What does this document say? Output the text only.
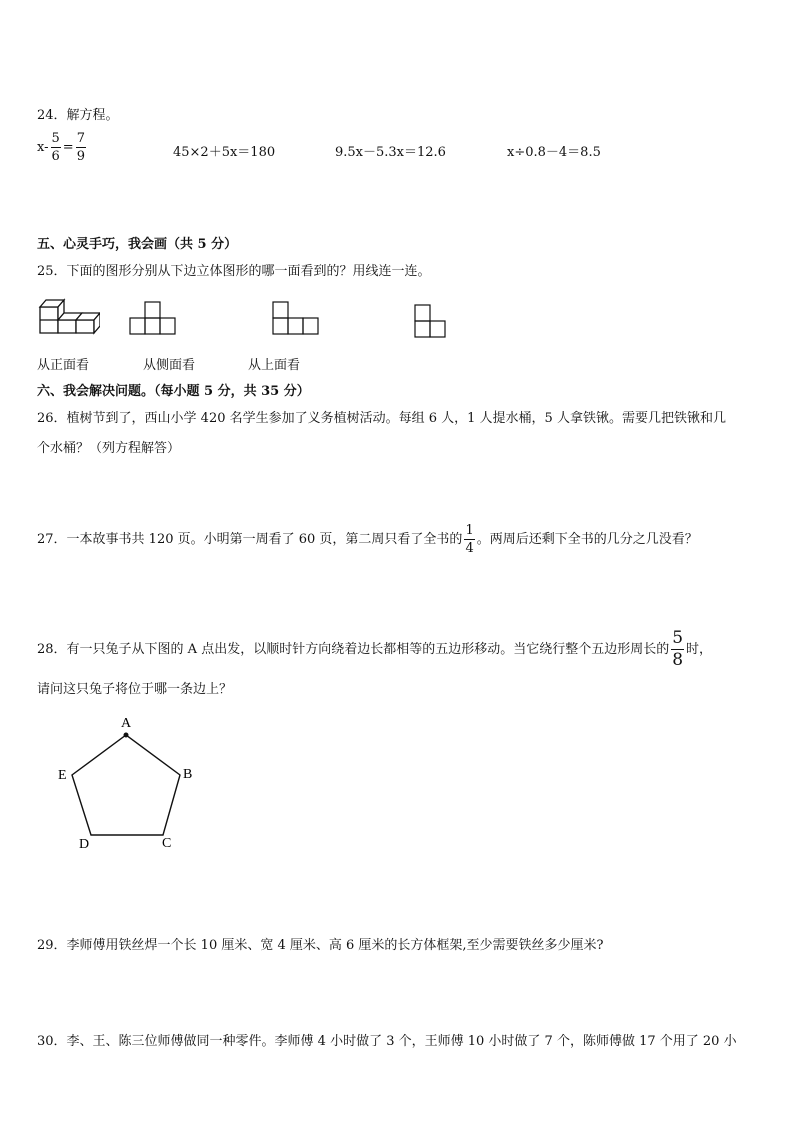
24．解方程。
$x- \frac{5}{6} = \frac{7}{9}$	45×2＋5x＝180	9.5x－5.3x＝12.6	x÷0.8－4＝8.5
五、心灵手巧，我会画（共 5 分）
25．下面的图形分别从下边立体图形的哪一面看到的？用线连一连。
从正面看	从侧面看	从上面看
六、我会解决问题。（每小题 5 分，共 35 分）
26．植树节到了，西山小学 420 名学生参加了义务植树活动。每组 6 人，1 人提水桶，5 人拿铁锹。需要几把铁锹和几
个水桶？（列方程解答）
27．一本故事书共 120 页。小明第一周看了 60 页，第二周只看了全书的 $\frac{1}{4}$ 。两周后还剩下全书的几分之几没看？
28．有一只兔子从下图的 A 点出发，以顺时针方向绕着边长都相等的五边形移动。当它绕行整个五边形周长的 $\frac{5}{8}$ 时，
请问这只兔子将位于哪一条边上？
A
B
C
D
E
29．李师傅用铁丝焊一个长 10 厘米、宽 4 厘米、高 6 厘米的长方体框架,至少需要铁丝多少厘米?
30．李、王、陈三位师傅做同一种零件。李师傅 4 小时做了 3 个，王师傅 10 小时做了 7 个，陈师傅做 17 个用了 20 小
